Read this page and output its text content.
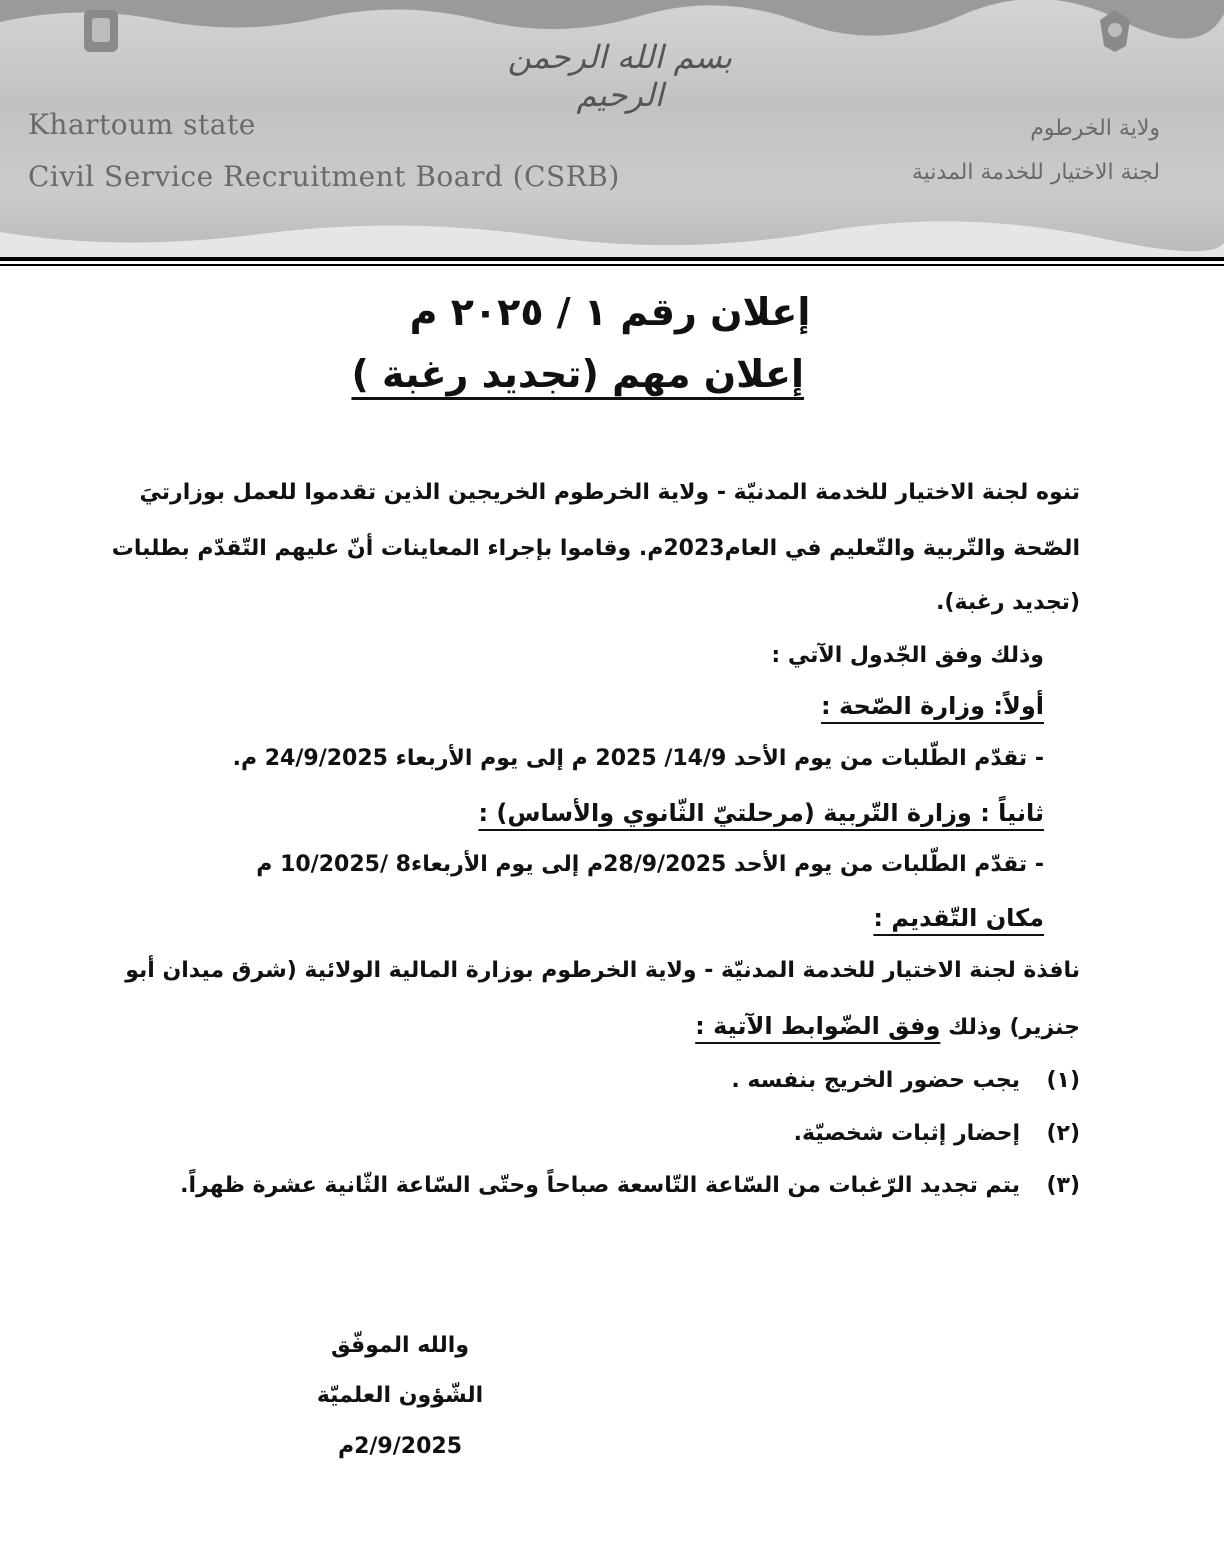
بسم الله الرحمن الرحيم
Khartoum state
Civil Service Recruitment Board (CSRB)
ولاية الخرطوم
لجنة الاختيار للخدمة المدنية
إعلان رقم ١ / ٢٠٢٥ م
إعلان مهم (تجديد رغبة )
تنوه لجنة الاختيار للخدمة المدنيّة - ولاية الخرطوم الخريجين الذين تقدموا للعمل بوزارتيَ
الصّحة والتّربية والتّعليم في العام2023م. وقاموا بإجراء المعاينات أنّ عليهم التّقدّم بطلبات
(تجديد رغبة).
وذلك وفق الجّدول الآتي :
أولاً: وزارة الصّحة :
- تقدّم الطّلبات من يوم الأحد 14/9/ 2025 م إلى يوم الأربعاء 24/9/2025 م.
ثانياً : وزارة التّربية (مرحلتيّ الثّانوي والأساس) :
- تقدّم الطّلبات من يوم الأحد 28/9/2025م إلى يوم الأربعاء8 /10/2025 م
مكان التّقديم :
نافذة لجنة الاختيار للخدمة المدنيّة - ولاية الخرطوم بوزارة المالية الولائية (شرق ميدان أبو
جنزير) وذلك وفق الضّوابط الآتية :
(١)يجب حضور الخريج بنفسه .
(٢)إحضار إثبات شخصيّة.
(٣)يتم تجديد الرّغبات من السّاعة التّاسعة صباحاً وحتّى السّاعة الثّانية عشرة ظهراً.
والله الموفّق
الشّؤون العلميّة
2/9/2025م
